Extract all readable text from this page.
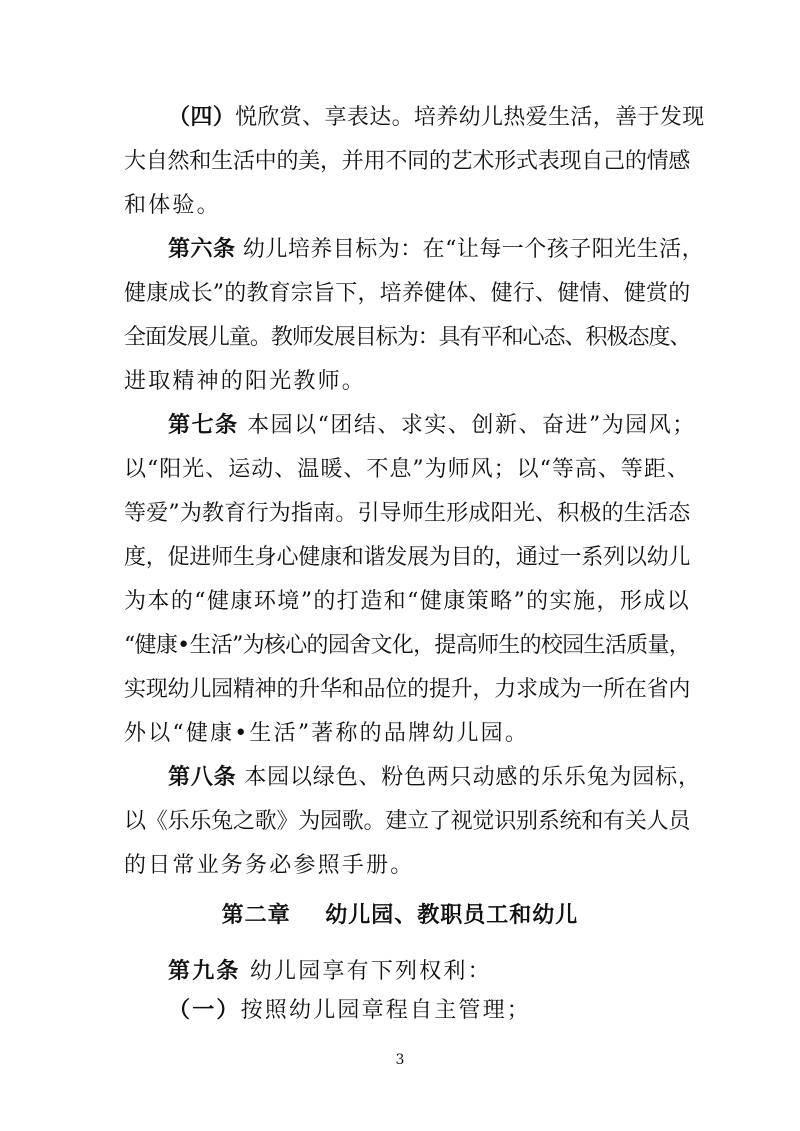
（四）悦欣赏、享表达。培养幼儿热爱生活，善于发现
大自然和生活中的美，并用不同的艺术形式表现自己的情感
和体验。
第六条 幼儿培养目标为：在“让每一个孩子阳光生活，
健康成长”的教育宗旨下，培养健体、健行、健情、健赏的
全面发展儿童。教师发展目标为：具有平和心态、积极态度、
进取精神的阳光教师。
第七条 本园以“团结、求实、创新、奋进”为园风；
以“阳光、运动、温暖、不息”为师风；以“等高、等距、
等爱”为教育行为指南。引导师生形成阳光、积极的生活态
度，促进师生身心健康和谐发展为目的，通过一系列以幼儿
为本的“健康环境”的打造和“健康策略”的实施，形成以
“健康•生活”为核心的园舍文化，提高师生的校园生活质量，
实现幼儿园精神的升华和品位的提升，力求成为一所在省内
外以“健康•生活”著称的品牌幼儿园。
第八条 本园以绿色、粉色两只动感的乐乐兔为园标，
以《乐乐兔之歌》为园歌。建立了视觉识别系统和有关人员
的日常业务务必参照手册。
第二章    幼儿园、教职员工和幼儿
第九条 幼儿园享有下列权利：
（一）按照幼儿园章程自主管理；
3
